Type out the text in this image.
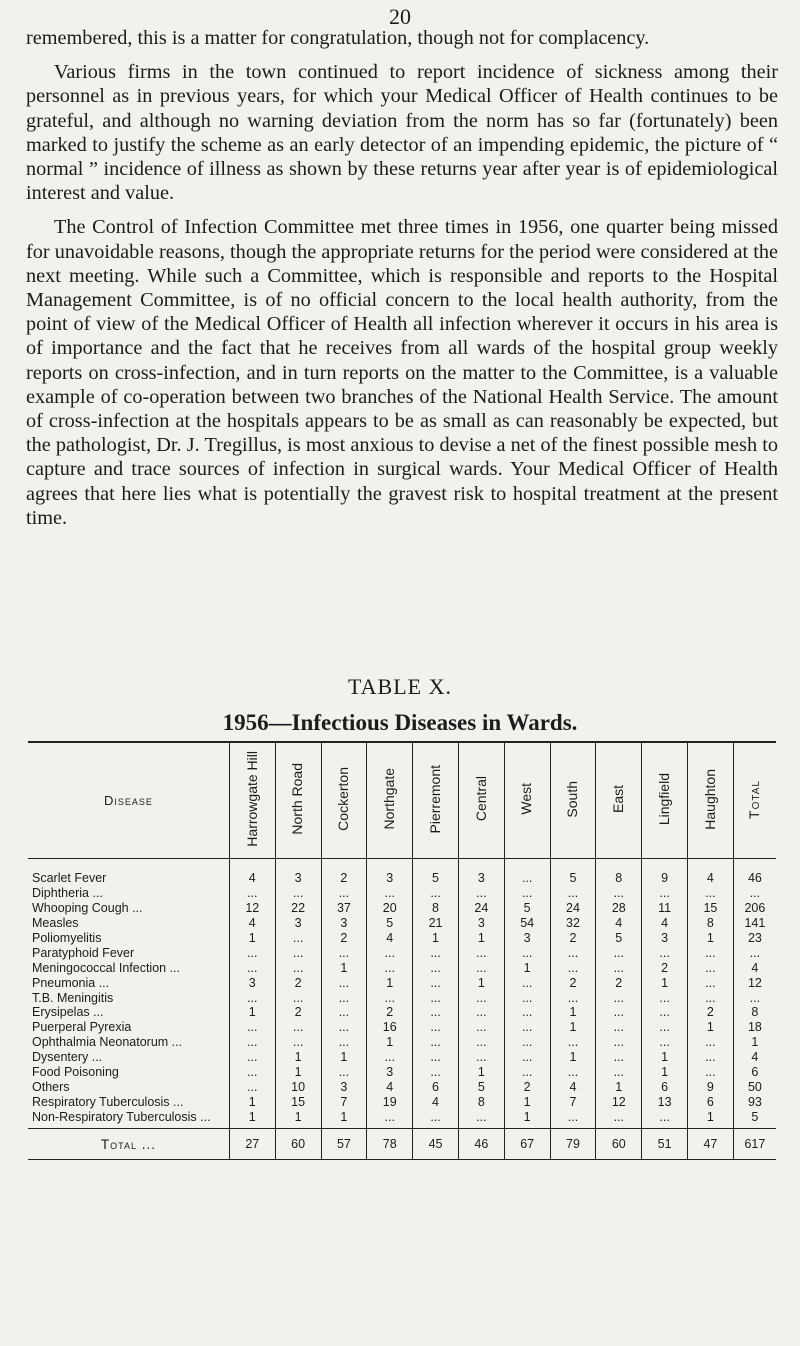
20

remembered, this is a matter for congratulation, though not for complacency.

Various firms in the town continued to report incidence of sickness among their personnel as in previous years, for which your Medical Officer of Health continues to be grateful, and although no warning deviation from the norm has so far (fortunately) been marked to justify the scheme as an early detector of an impending epidemic, the picture of “ normal ” incidence of illness as shown by these returns year after year is of epidemiological interest and value.

The Control of Infection Committee met three times in 1956, one quarter being missed for unavoidable reasons, though the appropriate returns for the period were considered at the next meeting. While such a Committee, which is responsible and reports to the Hospital Management Committee, is of no official concern to the local health authority, from the point of view of the Medical Officer of Health all infection wherever it occurs in his area is of importance and the fact that he receives from all wards of the hospital group weekly reports on cross-infection, and in turn reports on the matter to the Committee, is a valuable example of co-operation between two branches of the National Health Service. The amount of cross-infection at the hospitals appears to be as small as can reasonably be expected, but the pathologist, Dr. J. Tregillus, is most anxious to devise a net of the finest possible mesh to capture and trace sources of infection in surgical wards. Your Medical Officer of Health agrees that here lies what is potentially the gravest risk to hospital treatment at the present time.

TABLE X.
1956—Infectious Diseases in Wards.
Disease	Harrowgate Hill	North Road	Cockerton	Northgate	Pierremont	Central	West	South	East	Lingfield	Haughton	Total
Scarlet Fever	4	3	2	3	5	3	...	5	8	9	4	46
Diphtheria ...	...	...	...	...	...	...	...	...	...	...	...	...
Whooping Cough ...	12	22	37	20	8	24	5	24	28	11	15	206
Measles	4	3	3	5	21	3	54	32	4	4	8	141
Poliomyelitis	1	...	2	4	1	1	3	2	5	3	1	23
Paratyphoid Fever	...	...	...	...	...	...	...	...	...	...	...	...
Meningococcal Infection ...	...	...	1	...	...	...	1	...	...	2	...	4
Pneumonia ...	3	2	...	1	...	1	...	2	2	1	...	12
T.B. Meningitis	...	...	...	...	...	...	...	...	...	...	...	...
Erysipelas ...	1	2	...	2	...	...	...	1	...	...	2	8
Puerperal Pyrexia	...	...	...	16	...	...	...	1	...	...	1	18
Ophthalmia Neonatorum ...	...	...	...	1	...	...	...	...	...	...	...	1
Dysentery ...	...	1	1	...	...	...	...	1	...	1	...	4
Food Poisoning	...	1	...	3	...	1	...	...	...	1	...	6
Others	...	10	3	4	6	5	2	4	1	6	9	50
Respiratory Tuberculosis ...	1	15	7	19	4	8	1	7	12	13	6	93
Non-Respiratory Tuberculosis ...	1	1	1	...	...	...	1	...	...	...	1	5
Total ...	27	60	57	78	45	46	67	79	60	51	47	617
